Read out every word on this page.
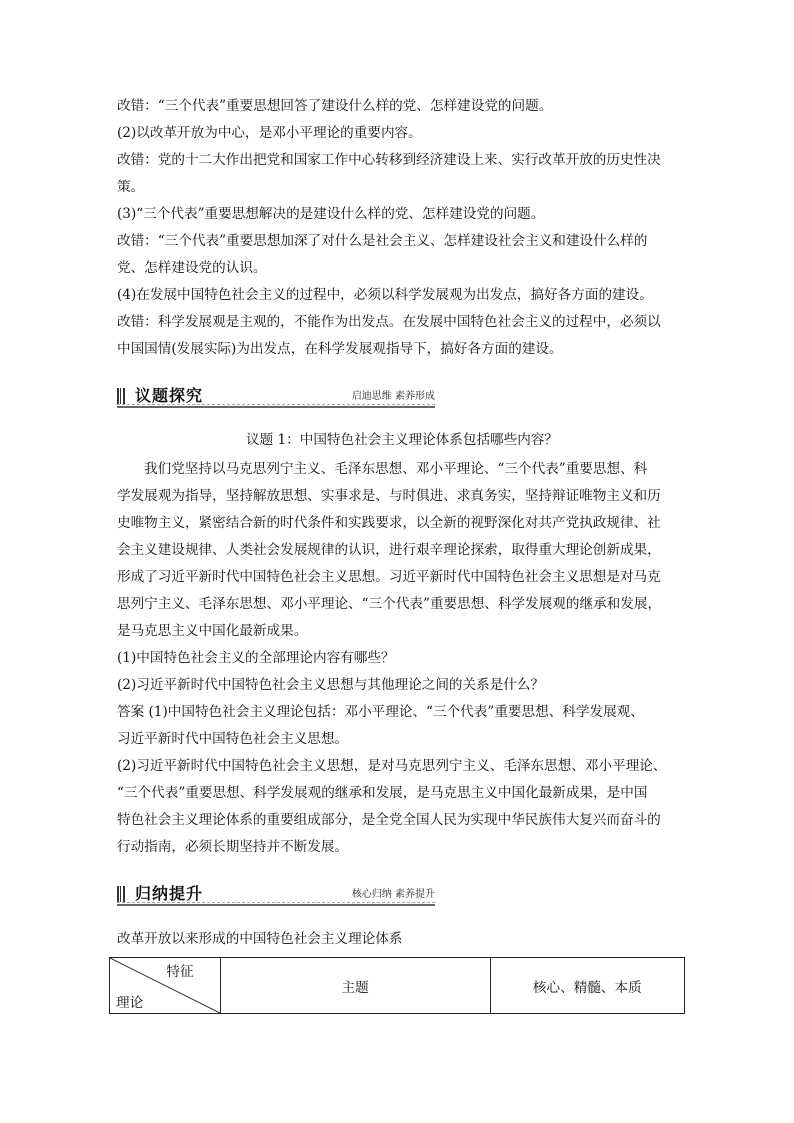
改错：“三个代表”重要思想回答了建设什么样的党、怎样建设党的问题。
(2)以改革开放为中心，是邓小平理论的重要内容。
改错：党的十二大作出把党和国家工作中心转移到经济建设上来、实行改革开放的历史性决
策。
(3)“三个代表”重要思想解决的是建设什么样的党、怎样建设党的问题。
改错：“三个代表”重要思想加深了对什么是社会主义、怎样建设社会主义和建设什么样的
党、怎样建设党的认识。
(4)在发展中国特色社会主义的过程中，必须以科学发展观为出发点，搞好各方面的建设。
改错：科学发展观是主观的，不能作为出发点。在发展中国特色社会主义的过程中，必须以
中国国情(发展实际)为出发点，在科学发展观指导下，搞好各方面的建设。
议题探究	启迪思维 素养形成
议题 1：中国特色社会主义理论体系包括哪些内容？
我们党坚持以马克思列宁主义、毛泽东思想、邓小平理论、“三个代表”重要思想、科
学发展观为指导，坚持解放思想、实事求是、与时俱进、求真务实，坚持辩证唯物主义和历
史唯物主义，紧密结合新的时代条件和实践要求，以全新的视野深化对共产党执政规律、社
会主义建设规律、人类社会发展规律的认识，进行艰辛理论探索，取得重大理论创新成果，
形成了习近平新时代中国特色社会主义思想。习近平新时代中国特色社会主义思想是对马克
思列宁主义、毛泽东思想、邓小平理论、“三个代表”重要思想、科学发展观的继承和发展，
是马克思主义中国化最新成果。
(1)中国特色社会主义的全部理论内容有哪些？
(2)习近平新时代中国特色社会主义思想与其他理论之间的关系是什么？
答案 (1)中国特色社会主义理论包括：邓小平理论、“三个代表”重要思想、科学发展观、
习近平新时代中国特色社会主义思想。
(2)习近平新时代中国特色社会主义思想，是对马克思列宁主义、毛泽东思想、邓小平理论、
“三个代表”重要思想、科学发展观的继承和发展，是马克思主义中国化最新成果，是中国
特色社会主义理论体系的重要组成部分，是全党全国人民为实现中华民族伟大复兴而奋斗的
行动指南，必须长期坚持并不断发展。
归纳提升	核心归纳 素养提升
改革开放以来形成的中国特色社会主义理论体系
特征
理论
	主题	核心、精髓、本质
